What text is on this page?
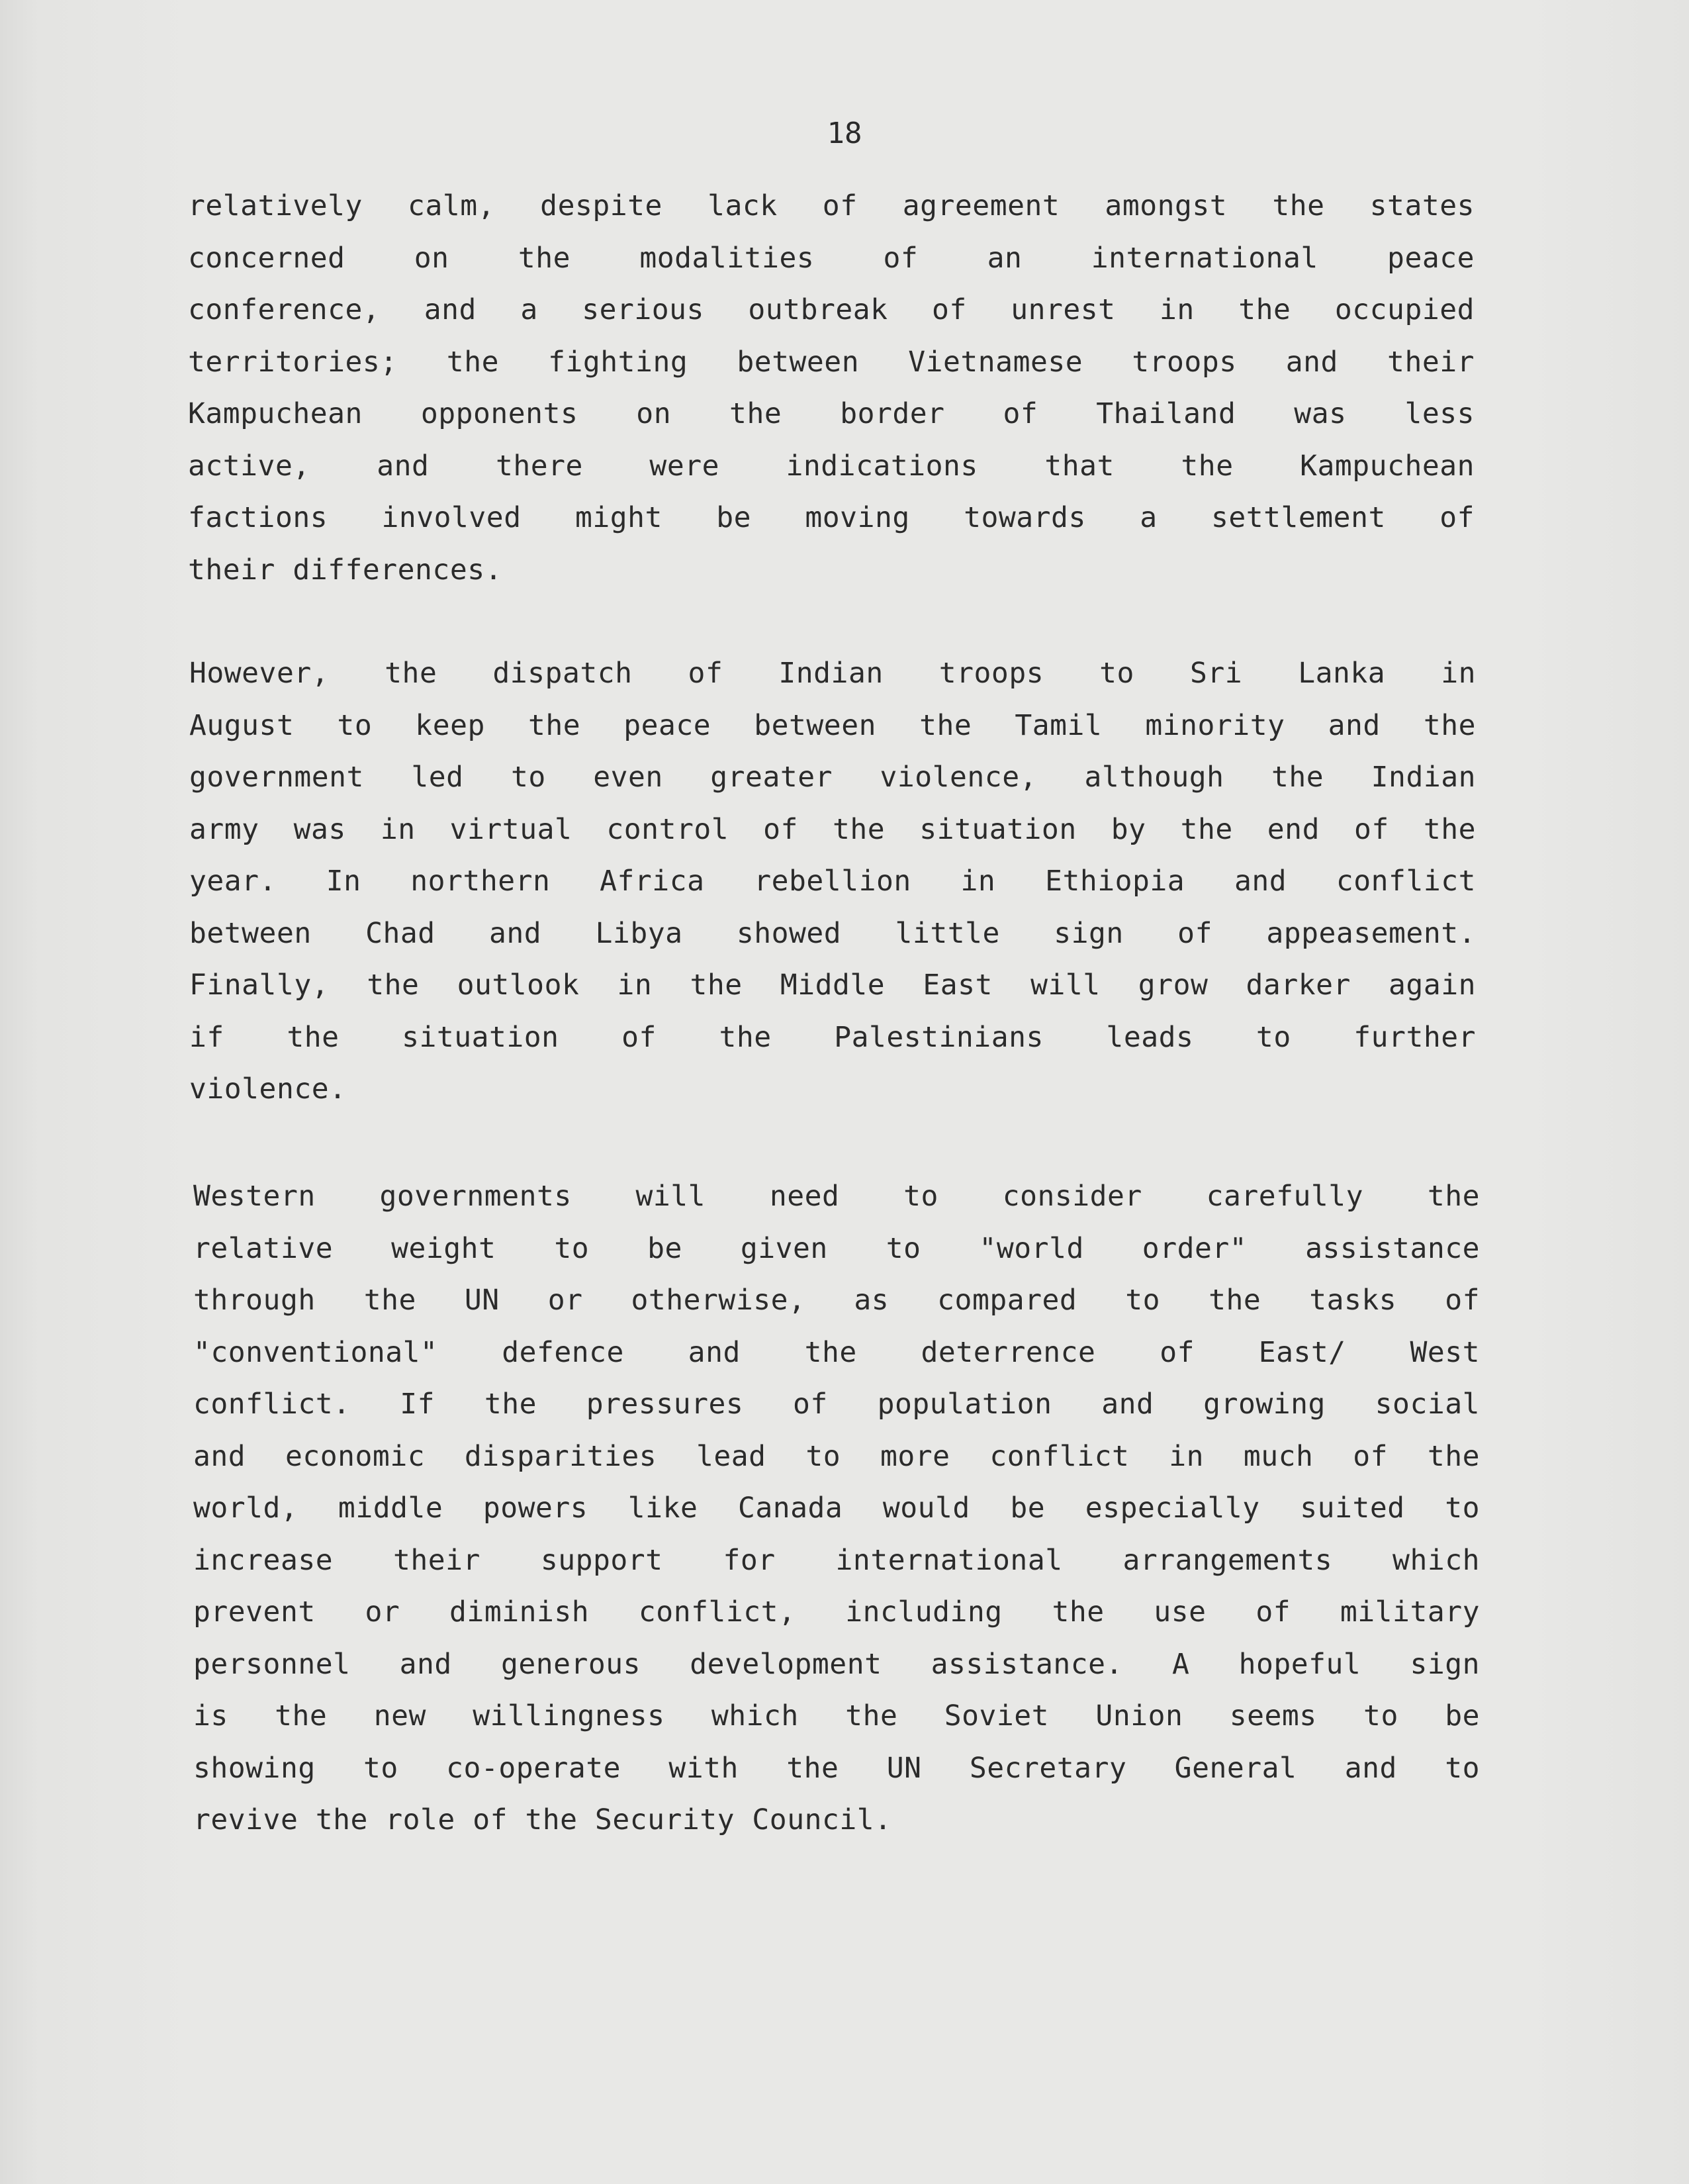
18
relatively calm, despite lack of agreement amongst the states
concerned on the modalities of an international peace
conference, and a serious outbreak of unrest in the occupied
territories; the fighting between Vietnamese troops and their
Kampuchean opponents on the border of Thailand was less
active, and there were indications that the Kampuchean
factions involved might be moving towards a settlement of
their differences.
However, the dispatch of Indian troops to Sri Lanka in
August to keep the peace between the Tamil minority and the
government led to even greater violence, although the Indian
army was in virtual control of the situation by the end of the
year. In northern Africa rebellion in Ethiopia and conflict
between Chad and Libya showed little sign of appeasement.
Finally, the outlook in the Middle East will grow darker again
if the situation of the Palestinians leads to further
violence.
Western governments will need to consider carefully the
relative weight to be given to "world order" assistance
through the UN or otherwise, as compared to the tasks of
"conventional" defence and the deterrence of East/ West
conflict. If the pressures of population and growing social
and economic disparities lead to more conflict in much of the
world, middle powers like Canada would be especially suited to
increase their support for international arrangements which
prevent or diminish conflict, including the use of military
personnel and generous development assistance. A hopeful sign
is the new willingness which the Soviet Union seems to be
showing to co-operate with the UN Secretary General and to
revive the role of the Security Council.
